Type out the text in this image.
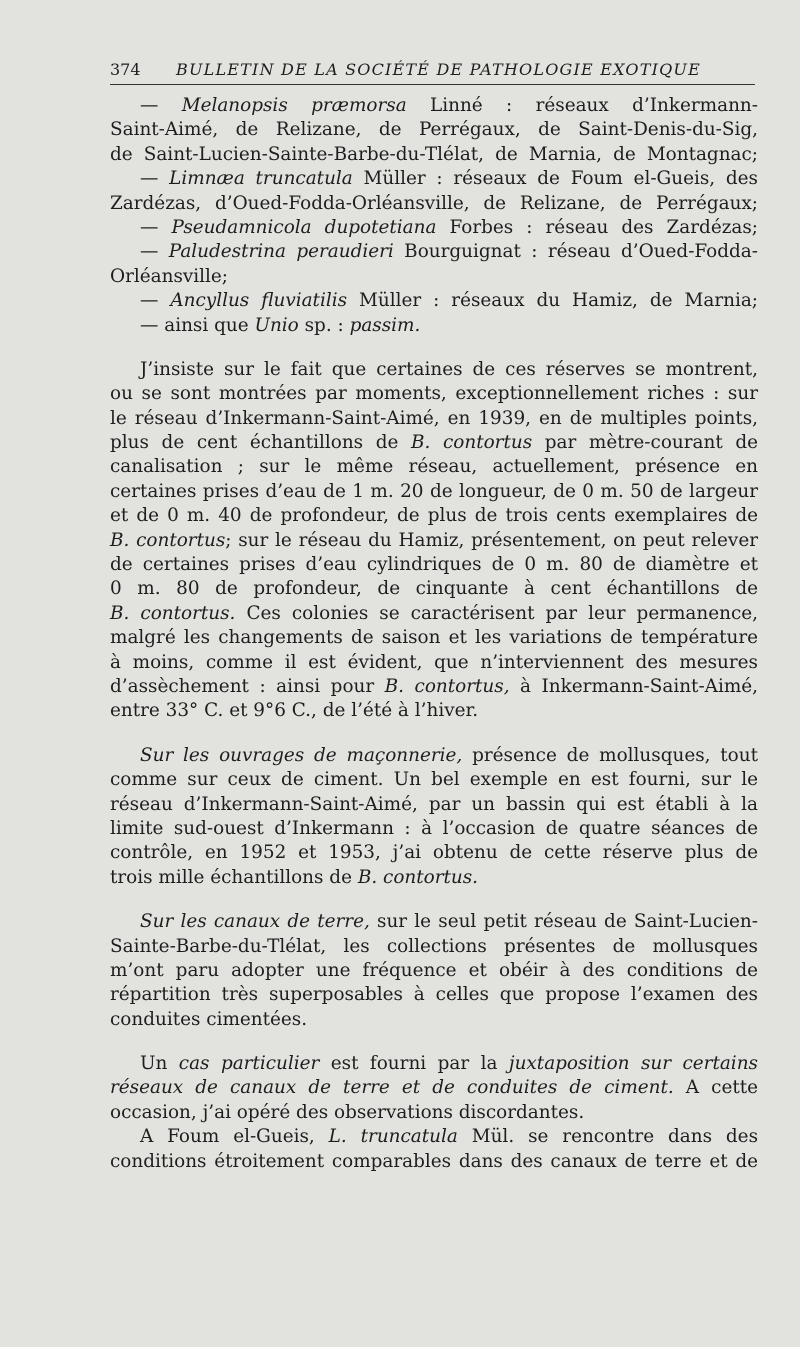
374 BULLETIN DE LA SOCIÉTÉ DE PATHOLOGIE EXOTIQUE
— Melanopsis præmorsa Linné : réseaux d’Inkermann-
Saint-Aimé, de Relizane, de Perrégaux, de Saint-Denis-du-Sig,
de Saint-Lucien-Sainte-Barbe-du-Tlélat, de Marnia, de Montagnac;
— Limnæa truncatula Müller : réseaux de Foum el-Gueis, des
Zardézas, d’Oued-Fodda-Orléansville, de Relizane, de Perrégaux;
— Pseudamnicola dupotetiana Forbes : réseau des Zardézas;
— Paludestrina peraudieri Bourguignat : réseau d’Oued-Fodda-
Orléansville;
— Ancyllus fluviatilis Müller : réseaux du Hamiz, de Marnia;
— ainsi que Unio sp. : passim.
J’insiste sur le fait que certaines de ces réserves se montrent,
ou se sont montrées par moments, exceptionnellement riches : sur
le réseau d’Inkermann-Saint-Aimé, en 1939, en de multiples points,
plus de cent échantillons de B. contortus par mètre-courant de
canalisation ; sur le même réseau, actuellement, présence en
certaines prises d’eau de 1 m. 20 de longueur, de 0 m. 50 de largeur
et de 0 m. 40 de profondeur, de plus de trois cents exemplaires de
B. contortus; sur le réseau du Hamiz, présentement, on peut relever
de certaines prises d’eau cylindriques de 0 m. 80 de diamètre et
0 m. 80 de profondeur, de cinquante à cent échantillons de
B. contortus. Ces colonies se caractérisent par leur permanence,
malgré les changements de saison et les variations de température
à moins, comme il est évident, que n’interviennent des mesures
d’assèchement : ainsi pour B. contortus, à Inkermann-Saint-Aimé,
entre 33° C. et 9°6 C., de l’été à l’hiver.
Sur les ouvrages de maçonnerie, présence de mollusques, tout
comme sur ceux de ciment. Un bel exemple en est fourni, sur le
réseau d’Inkermann-Saint-Aimé, par un bassin qui est établi à la
limite sud-ouest d’Inkermann : à l’occasion de quatre séances de
contrôle, en 1952 et 1953, j’ai obtenu de cette réserve plus de
trois mille échantillons de B. contortus.
Sur les canaux de terre, sur le seul petit réseau de Saint-Lucien-
Sainte-Barbe-du-Tlélat, les collections présentes de mollusques
m’ont paru adopter une fréquence et obéir à des conditions de
répartition très superposables à celles que propose l’examen des
conduites cimentées.
Un cas particulier est fourni par la juxtaposition sur certains
réseaux de canaux de terre et de conduites de ciment. A cette
occasion, j’ai opéré des observations discordantes.
A Foum el-Gueis, L. truncatula Mül. se rencontre dans des
conditions étroitement comparables dans des canaux de terre et de
